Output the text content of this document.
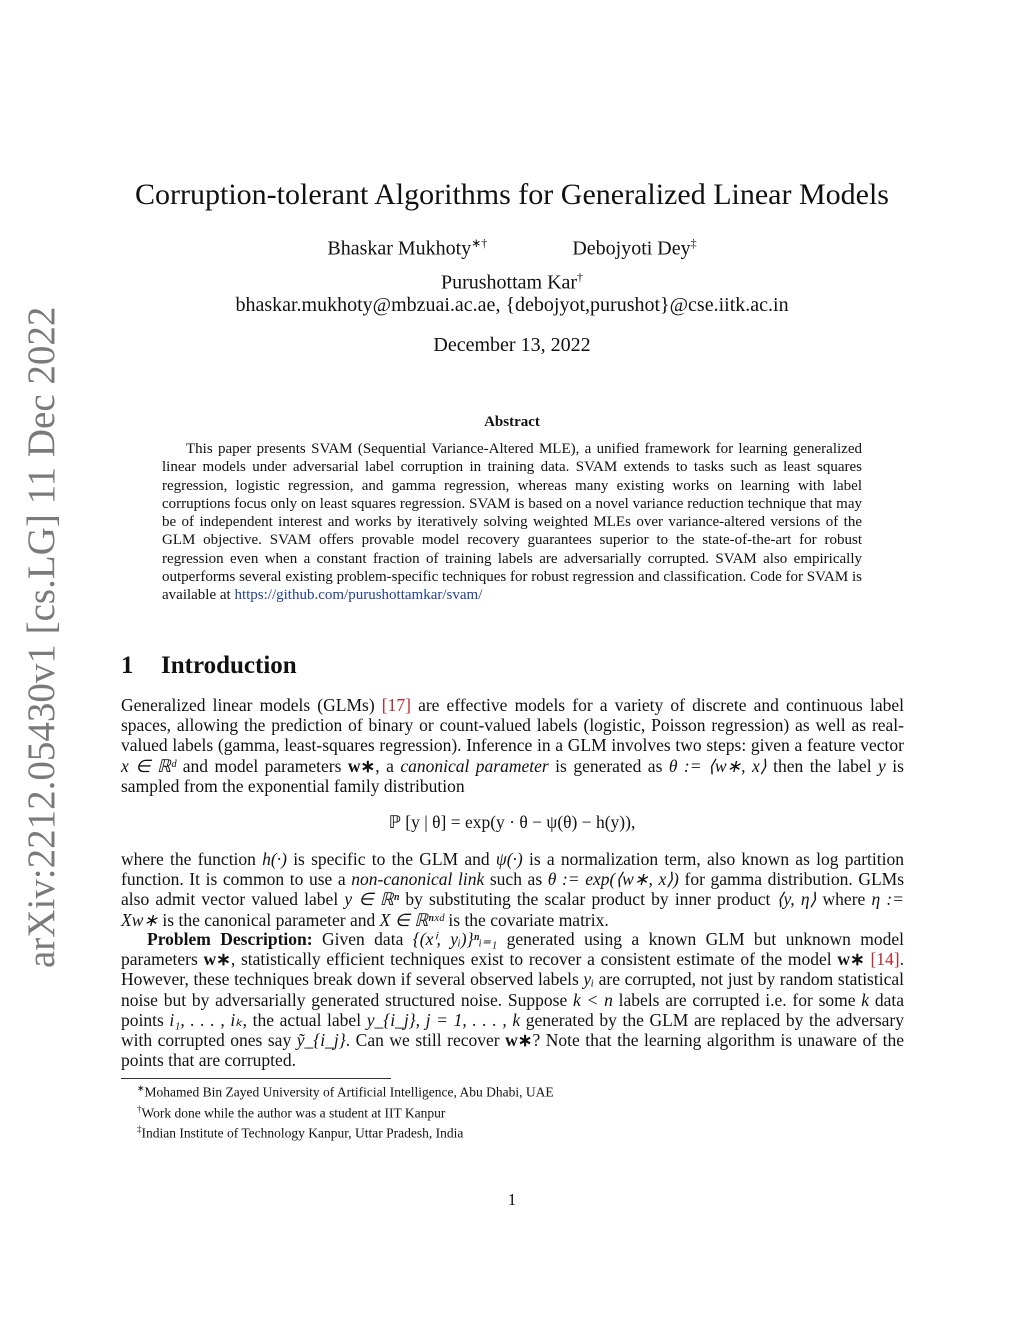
arXiv:2212.05430v1 [cs.LG] 11 Dec 2022
Corruption-tolerant Algorithms for Generalized Linear Models
Bhaskar Mukhoty∗†	Debojyoti Dey‡
Purushottam Kar†
bhaskar.mukhoty@mbzuai.ac.ae, {debojyot,purushot}@cse.iitk.ac.in
December 13, 2022
Abstract
This paper presents SVAM (Sequential Variance-Altered MLE), a unified framework for learning generalized linear models under adversarial label corruption in training data. SVAM extends to tasks such as least squares regression, logistic regression, and gamma regression, whereas many existing works on learning with label corruptions focus only on least squares regression. SVAM is based on a novel variance reduction technique that may be of independent interest and works by iteratively solving weighted MLEs over variance-altered versions of the GLM objective. SVAM offers provable model recovery guarantees superior to the state-of-the-art for robust regression even when a constant fraction of training labels are adversarially corrupted. SVAM also empirically outperforms several existing problem-specific techniques for robust regression and classification. Code for SVAM is available at https://github.com/purushottamkar/svam/
1 Introduction
Generalized linear models (GLMs) [17] are effective models for a variety of discrete and continuous label spaces, allowing the prediction of binary or count-valued labels (logistic, Poisson regression) as well as real-valued labels (gamma, least-squares regression). Inference in a GLM involves two steps: given a feature vector x ∈ ℝᵈ and model parameters w∗, a canonical parameter is generated as θ := ⟨w∗, x⟩ then the label y is sampled from the exponential family distribution
ℙ [y | θ] = exp(y · θ − ψ(θ) − h(y)),
where the function h(·) is specific to the GLM and ψ(·) is a normalization term, also known as log partition function. It is common to use a non-canonical link such as θ := exp(⟨w∗, x⟩) for gamma distribution. GLMs also admit vector valued label y ∈ ℝⁿ by substituting the scalar product by inner product ⟨y, η⟩ where η := Xw∗ is the canonical parameter and X ∈ ℝⁿˣᵈ is the covariate matrix.
Problem Description: Given data {(xⁱ, yᵢ)}ⁿᵢ₌₁ generated using a known GLM but unknown model parameters w∗, statistically efficient techniques exist to recover a consistent estimate of the model w∗ [14]. However, these techniques break down if several observed labels yᵢ are corrupted, not just by random statistical noise but by adversarially generated structured noise. Suppose k < n labels are corrupted i.e. for some k data points i₁, . . . , iₖ, the actual label y_{i_j}, j = 1, . . . , k generated by the GLM are replaced by the adversary with corrupted ones say ỹ_{i_j}. Can we still recover w∗? Note that the learning algorithm is unaware of the points that are corrupted.
∗Mohamed Bin Zayed University of Artificial Intelligence, Abu Dhabi, UAE
†Work done while the author was a student at IIT Kanpur
‡Indian Institute of Technology Kanpur, Uttar Pradesh, India
1
